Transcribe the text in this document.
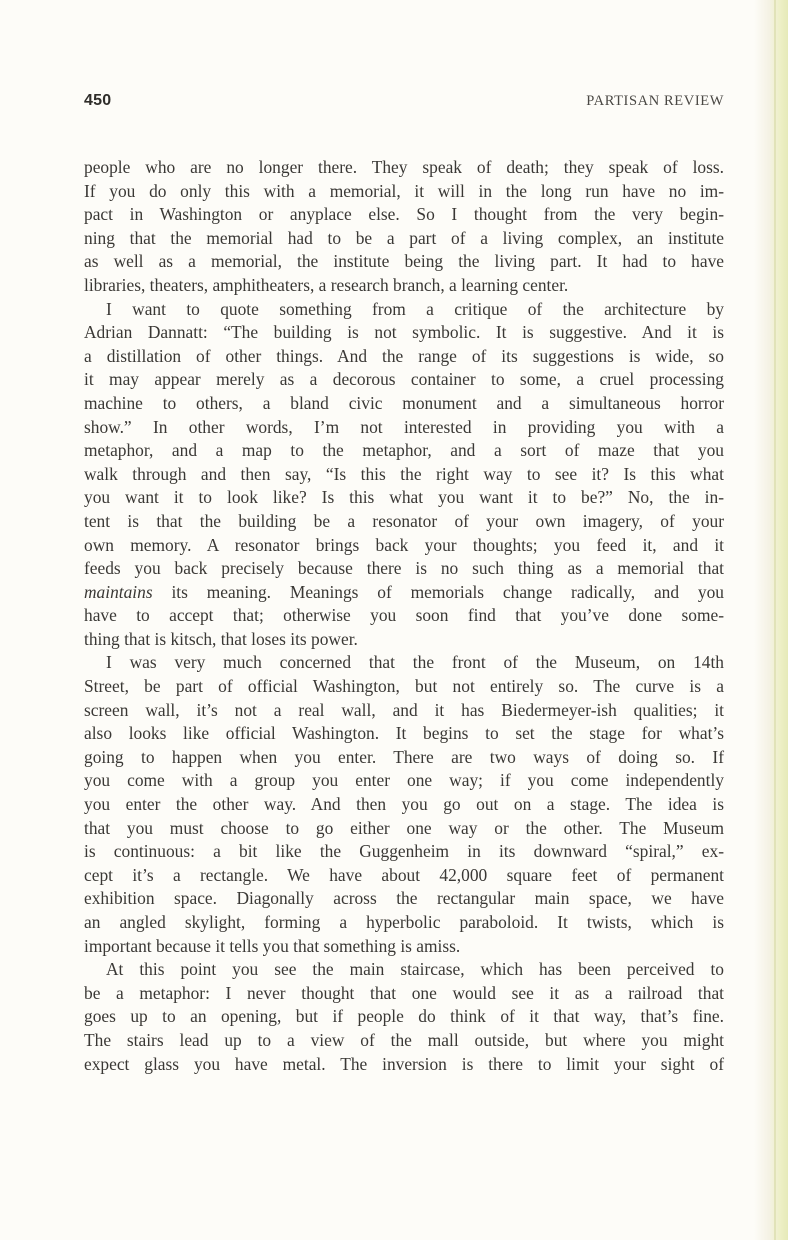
450	PARTISAN REVIEW
people who are no longer there. They speak of death; they speak of loss.
If you do only this with a memorial, it will in the long run have no im-
pact in Washington or anyplace else. So I thought from the very begin-
ning that the memorial had to be a part of a living complex, an institute
as well as a memorial, the institute being the living part. It had to have
libraries, theaters, amphitheaters, a research branch, a learning center.
I want to quote something from a critique of the architecture by
Adrian Dannatt: “The building is not symbolic. It is suggestive. And it is
a distillation of other things. And the range of its suggestions is wide, so
it may appear merely as a decorous container to some, a cruel processing
machine to others, a bland civic monument and a simultaneous horror
show.” In other words, I’m not interested in providing you with a
metaphor, and a map to the metaphor, and a sort of maze that you
walk through and then say, “Is this the right way to see it? Is this what
you want it to look like? Is this what you want it to be?” No, the in-
tent is that the building be a resonator of your own imagery, of your
own memory. A resonator brings back your thoughts; you feed it, and it
feeds you back precisely because there is no such thing as a memorial that
maintains its meaning. Meanings of memorials change radically, and you
have to accept that; otherwise you soon find that you’ve done some-
thing that is kitsch, that loses its power.
I was very much concerned that the front of the Museum, on 14th
Street, be part of official Washington, but not entirely so. The curve is a
screen wall, it’s not a real wall, and it has Biedermeyer-ish qualities; it
also looks like official Washington. It begins to set the stage for what’s
going to happen when you enter. There are two ways of doing so. If
you come with a group you enter one way; if you come independently
you enter the other way. And then you go out on a stage. The idea is
that you must choose to go either one way or the other. The Museum
is continuous: a bit like the Guggenheim in its downward “spiral,” ex-
cept it’s a rectangle. We have about 42,000 square feet of permanent
exhibition space. Diagonally across the rectangular main space, we have
an angled skylight, forming a hyperbolic paraboloid. It twists, which is
important because it tells you that something is amiss.
At this point you see the main staircase, which has been perceived to
be a metaphor: I never thought that one would see it as a railroad that
goes up to an opening, but if people do think of it that way, that’s fine.
The stairs lead up to a view of the mall outside, but where you might
expect glass you have metal. The inversion is there to limit your sight of
